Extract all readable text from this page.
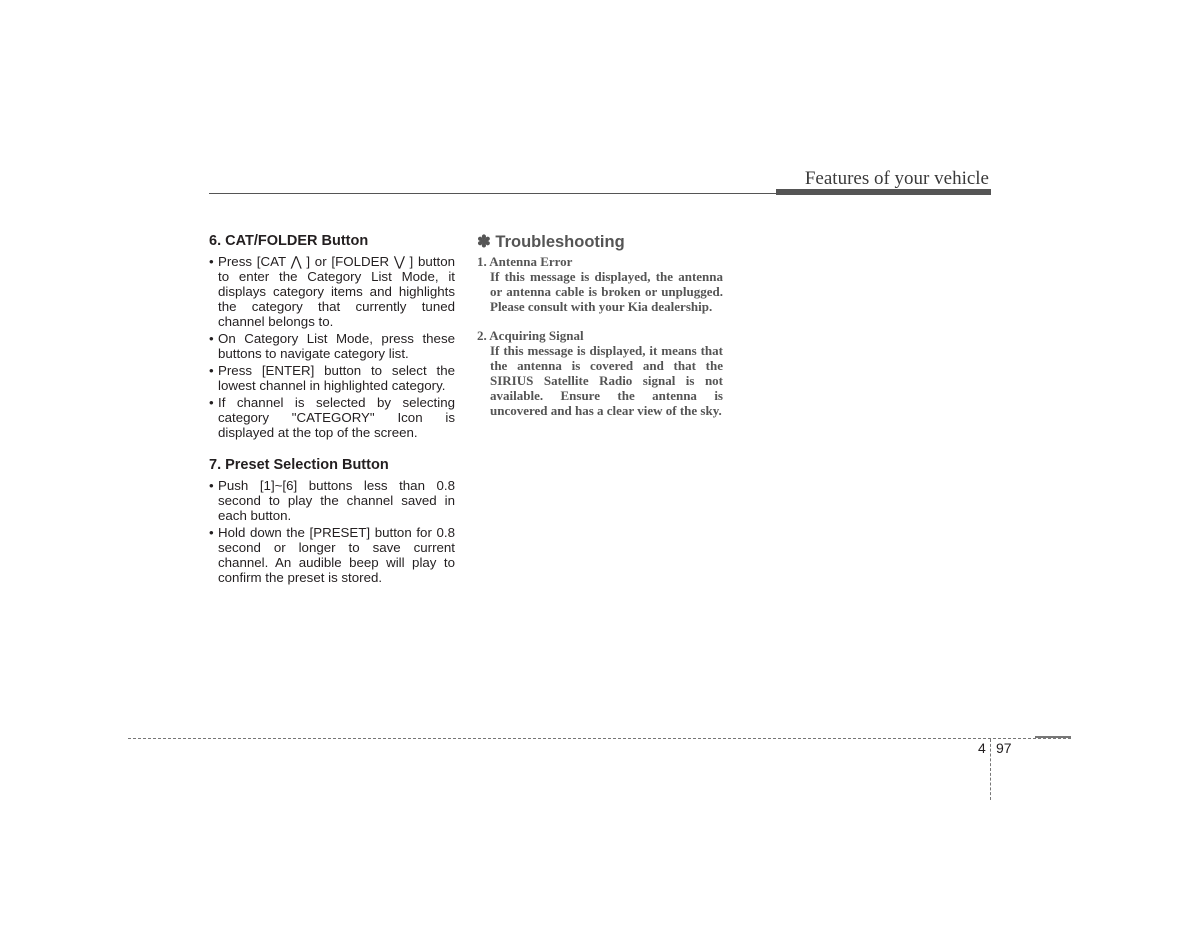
Features of your vehicle
6. CAT/FOLDER Button
• Press [CAT ⋀ ] or [FOLDER ⋁ ] button to enter the Category List Mode, it displays category items and highlights the category that currently tuned channel belongs to.
• On Category List Mode, press these buttons to navigate category list.
• Press [ENTER] button to select the lowest channel in highlighted category.
• If channel is selected by selecting category "CATEGORY" Icon is displayed at the top of the screen.
7. Preset Selection Button
• Push [1]~[6] buttons less than 0.8 second to play the channel saved in each button.
• Hold down the [PRESET] button for 0.8 second or longer to save current channel. An audible beep will play to confirm the preset is stored.
✽ Troubleshooting
1. Antenna Error
If this message is displayed, the antenna or antenna cable is broken or unplugged. Please consult with your Kia dealership.
2. Acquiring Signal
If this message is displayed, it means that the antenna is covered and that the SIRIUS Satellite Radio signal is not available. Ensure the antenna is uncovered and has a clear view of the sky.
4 97
